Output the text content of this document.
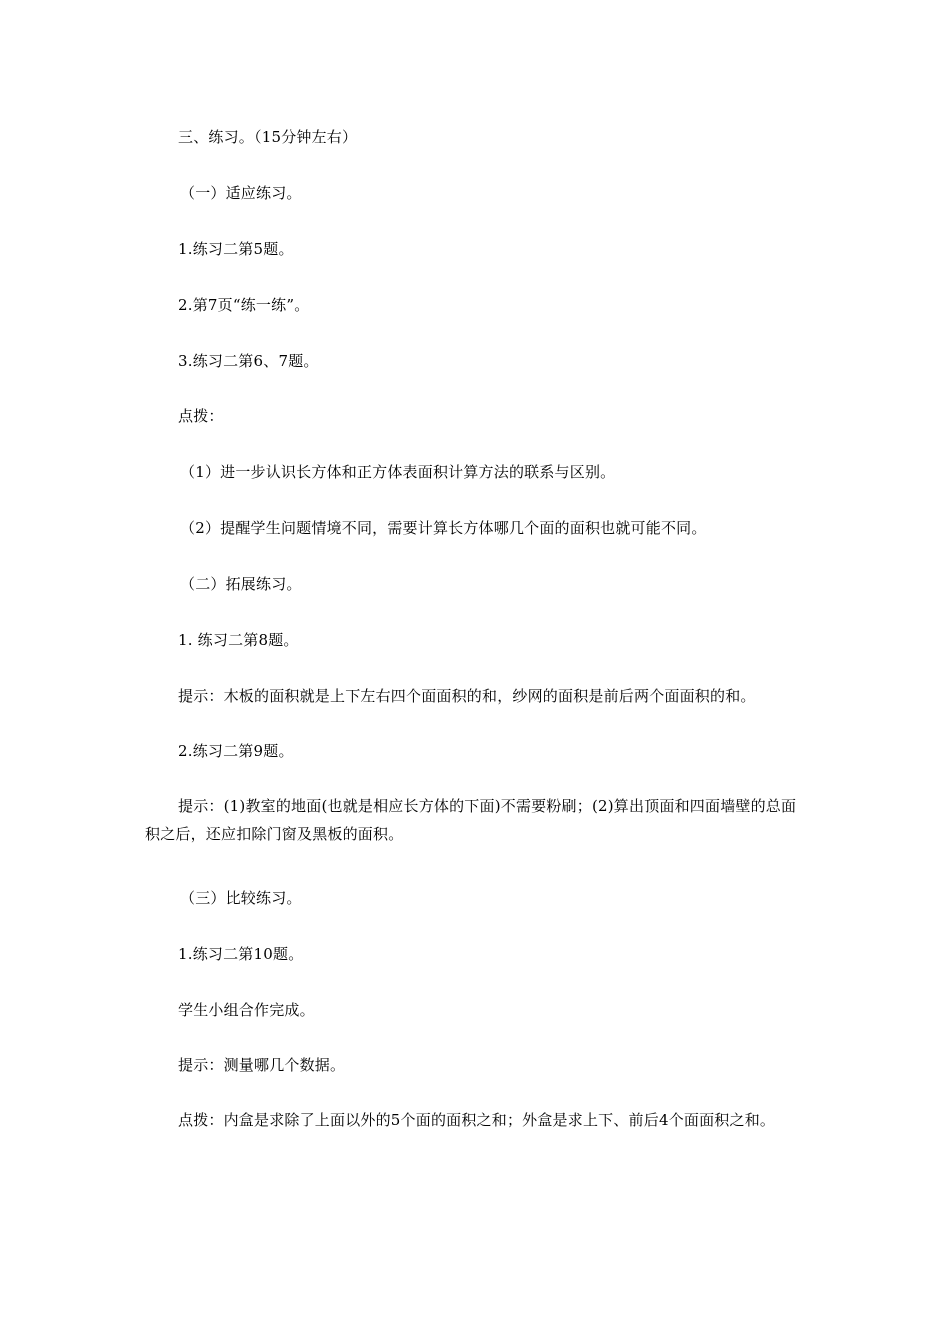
三、练习。（15分钟左右）
（一）适应练习。
1.练习二第5题。
2.第7页“练一练”。
3.练习二第6、7题。
点拨：
（1）进一步认识长方体和正方体表面积计算方法的联系与区别。
（2）提醒学生问题情境不同，需要计算长方体哪几个面的面积也就可能不同。
（二）拓展练习。
1. 练习二第8题。
提示：木板的面积就是上下左右四个面面积的和，纱网的面积是前后两个面面积的和。
2.练习二第9题。
提示：(1)教室的地面(也就是相应长方体的下面)不需要粉刷；(2)算出顶面和四面墙壁的总面积之后，还应扣除门窗及黑板的面积。
（三）比较练习。
1.练习二第10题。
学生小组合作完成。
提示：测量哪几个数据。
点拨：内盒是求除了上面以外的5个面的面积之和；外盒是求上下、前后4个面面积之和。
